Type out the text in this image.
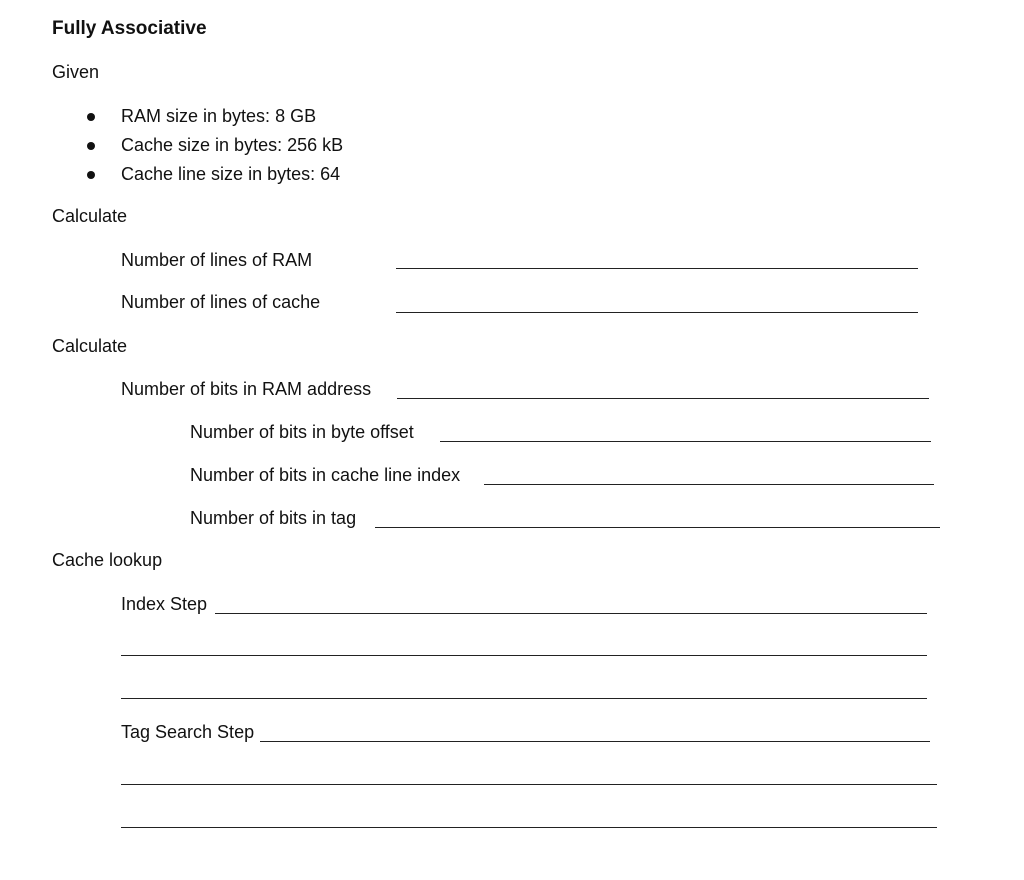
Fully Associative
Given
RAM size in bytes: 8 GB
Cache size in bytes: 256 kB
Cache line size in bytes: 64
Calculate
Number of lines of RAM
Number of lines of cache
Calculate
Number of bits in RAM address
Number of bits in byte offset
Number of bits in cache line index
Number of bits in tag
Cache lookup
Index Step
Tag Search Step
